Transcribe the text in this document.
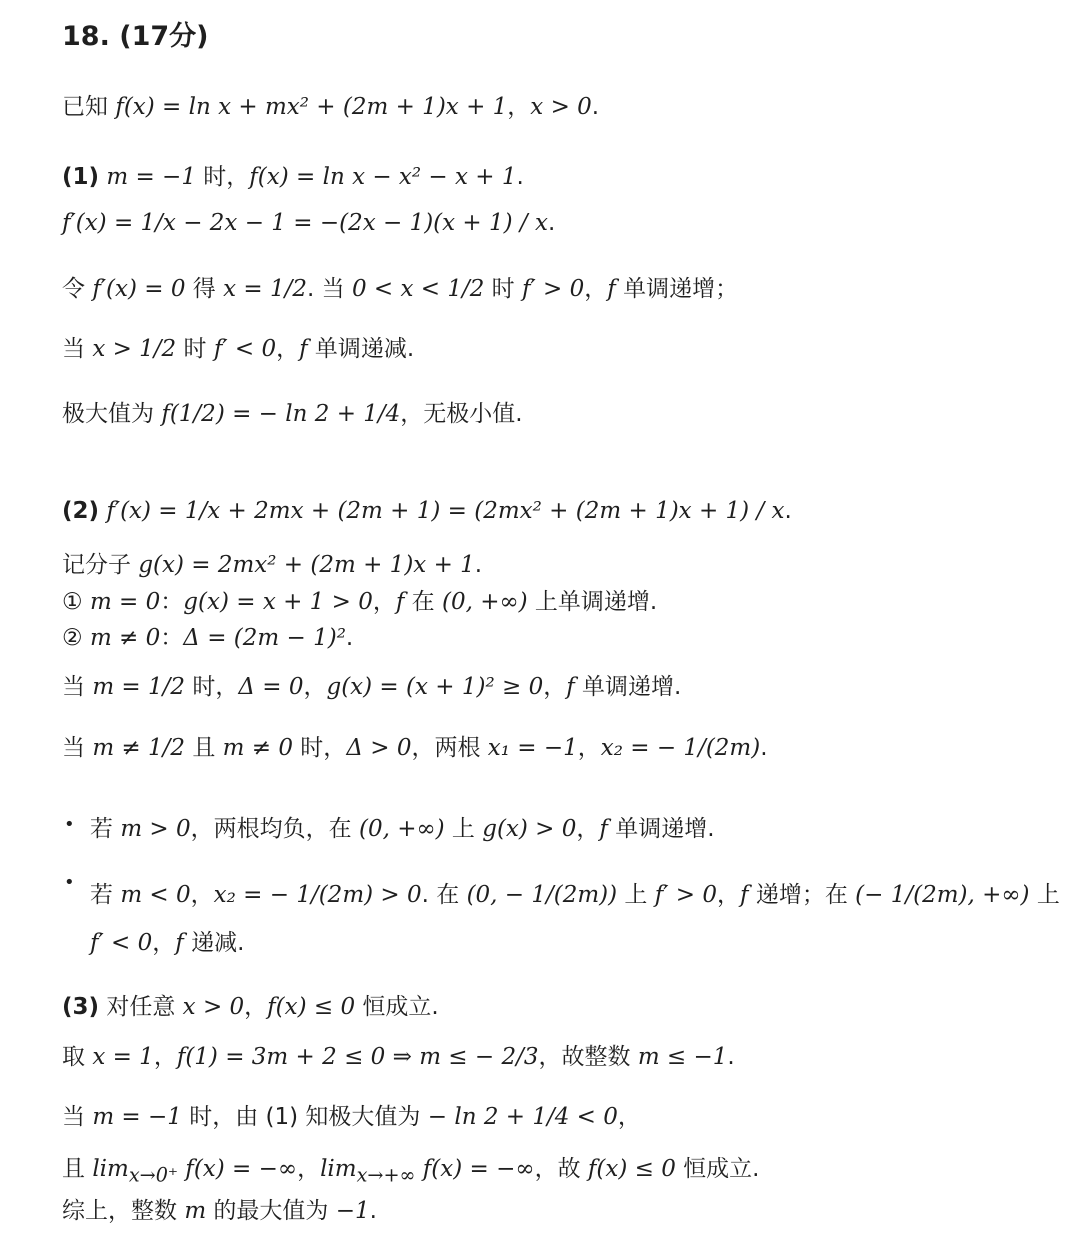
18. (17分)
已知 f(x) = ln x + mx² + (2m + 1)x + 1，x > 0.
(1) m = −1 时，f(x) = ln x − x² − x + 1.
f′(x) = 1/x − 2x − 1 = −(2x − 1)(x + 1) / x.
令 f′(x) = 0 得 x = 1/2. 当 0 < x < 1/2 时 f′ > 0，f 单调递增；
当 x > 1/2 时 f′ < 0，f 单调递减.
极大值为 f(1/2) = − ln 2 + 1/4，无极小值.
(2) f′(x) = 1/x + 2mx + (2m + 1) = (2mx² + (2m + 1)x + 1) / x.
记分子 g(x) = 2mx² + (2m + 1)x + 1.
① m = 0：g(x) = x + 1 > 0，f 在 (0, +∞) 上单调递增.
② m ≠ 0：Δ = (2m − 1)².
当 m = 1/2 时，Δ = 0，g(x) = (x + 1)² ≥ 0，f 单调递增.
当 m ≠ 1/2 且 m ≠ 0 时，Δ > 0，两根 x₁ = −1，x₂ = − 1/(2m).
若 m > 0，两根均负，在 (0, +∞) 上 g(x) > 0，f 单调递增.
若 m < 0，x₂ = − 1/(2m) > 0. 在 (0, − 1/(2m)) 上 f′ > 0，f 递增；在 (− 1/(2m), +∞) 上
f′ < 0，f 递减.
(3) 对任意 x > 0，f(x) ≤ 0 恒成立.
取 x = 1，f(1) = 3m + 2 ≤ 0 ⇒ m ≤ − 2/3，故整数 m ≤ −1.
当 m = −1 时，由 (1) 知极大值为 − ln 2 + 1/4 < 0，
且 $\lim_{x\to 0^+} f(x)$ = −∞，$\lim_{x\to+\infty} f(x)$ = −∞，故 f(x) ≤ 0 恒成立.
综上，整数 m 的最大值为 −1.
•
•
